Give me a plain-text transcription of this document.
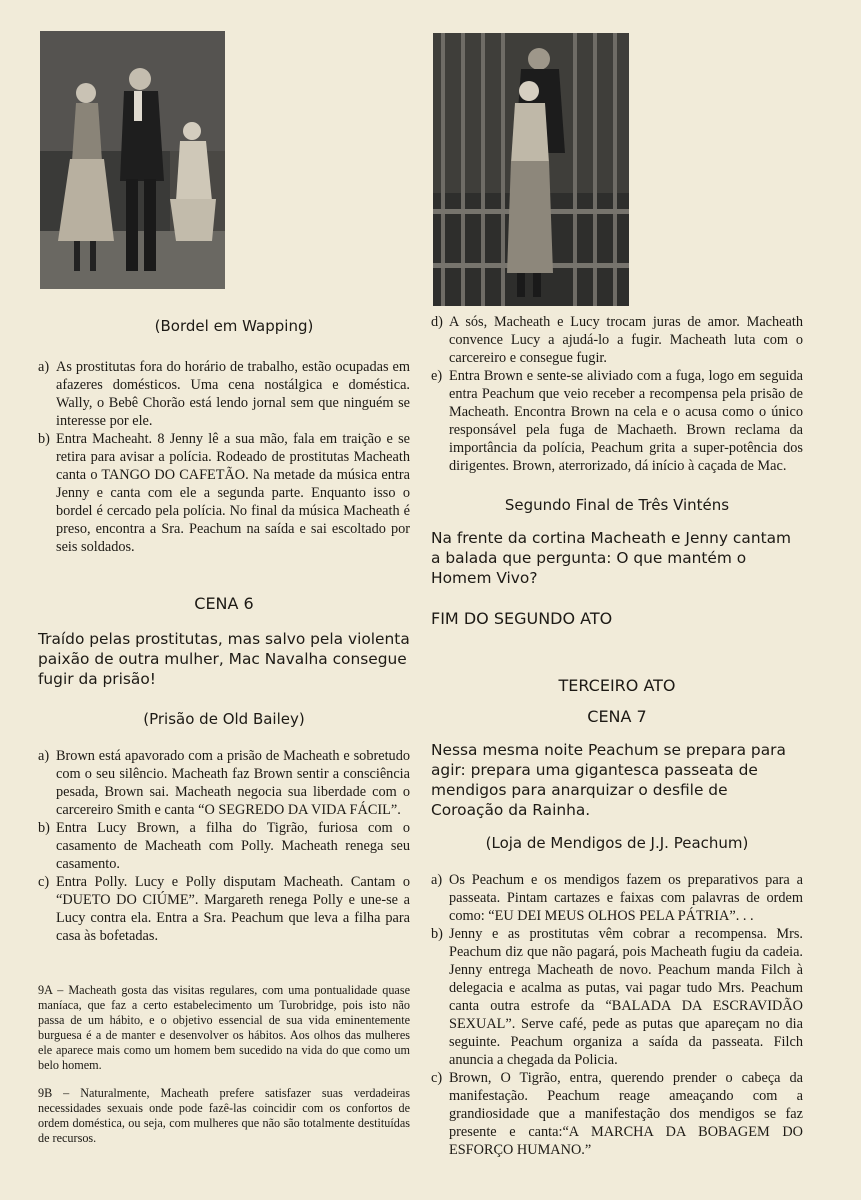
(Bordel em Wapping)
a) As prostitutas fora do horário de trabalho, estão ocupadas em afazeres domésticos. Uma cena nostálgica e doméstica. Wally, o Bebê Chorão está lendo jornal sem que ninguém se interesse por ele.
b) Entra Macheaht. 8 Jenny lê a sua mão, fala em traição e se retira para avisar a polícia. Rodeado de prostitutas Macheath canta o TANGO DO CAFETÃO. Na metade da música entra Jenny e canta com ele a segunda parte. Enquanto isso o bordel é cercado pela polícia. No final da música Macheath é preso, encontra a Sra. Peachum na saída e sai escoltado por seis soldados.
CENA 6
Traído pelas prostitutas, mas salvo pela violenta paixão de outra mulher, Mac Navalha consegue fugir da prisão!
(Prisão de Old Bailey)
a) Brown está apavorado com a prisão de Macheath e sobretudo com o seu silêncio. Macheath faz Brown sentir a consciência pesada, Brown sai. Macheath negocia sua liberdade com o carcereiro Smith e canta “O SEGREDO DA VIDA FÁCIL”.
b) Entra Lucy Brown, a filha do Tigrão, furiosa com o casamento de Macheath com Polly. Macheath renega seu casamento.
c) Entra Polly. Lucy e Polly disputam Macheath. Cantam o “DUETO DO CIÚME”. Margareth renega Polly e une-se a Lucy contra ela. Entra a Sra. Peachum que leva a filha para casa às bofetadas.
9A – Macheath gosta das visitas regulares, com uma pontualidade quase maníaca, que faz a certo estabelecimento um Turobridge, pois isto não passa de um hábito, e o objetivo essencial de sua vida eminentemente burguesa é a de manter e desenvolver os hábitos. Aos olhos das mulheres ele aparece mais como um homem bem sucedido na vida do que como um belo homem.
9B – Naturalmente, Macheath prefere satisfazer suas verdadeiras necessidades sexuais onde pode fazê-las coincidir com os confortos de ordem doméstica, ou seja, com mulheres que não são totalmente destituídas de recursos.
d) A sós, Macheath e Lucy trocam juras de amor. Macheath convence Lucy a ajudá-lo a fugir. Macheath luta com o carcereiro e consegue fugir.
e) Entra Brown e sente-se aliviado com a fuga, logo em seguida entra Peachum que veio receber a recompensa pela prisão de Macheath. Encontra Brown na cela e o acusa como o único responsável pela fuga de Machaeth. Brown reclama da importância da polícia, Peachum grita a super-potência dos dirigentes. Brown, aterrorizado, dá início à caçada de Mac.
Segundo Final de Três Vinténs
Na frente da cortina Macheath e Jenny cantam a balada que pergunta: O que mantém o Homem Vivo?
FIM DO SEGUNDO ATO
TERCEIRO ATO
CENA 7
Nessa mesma noite Peachum se prepara para agir: prepara uma gigantesca passeata de mendigos para anarquizar o desfile de Coroação da Rainha.
(Loja de Mendigos de J.J. Peachum)
a) Os Peachum e os mendigos fazem os preparativos para a passeata. Pintam cartazes e faixas com palavras de ordem como: “EU DEI MEUS OLHOS PELA PÁTRIA”. . .
b) Jenny e as prostitutas vêm cobrar a recompensa. Mrs. Peachum diz que não pagará, pois Macheath fugiu da cadeia. Jenny entrega Macheath de novo. Peachum manda Filch à delegacia e acalma as putas, vai pagar tudo Mrs. Peachum canta outra estrofe da “BALADA DA ESCRAVIDÃO SEXUAL”. Serve café, pede as putas que apareçam no dia seguinte. Peachum organiza a saída da passeata. Filch anuncia a chegada da Policia.
c) Brown, O Tigrão, entra, querendo prender o cabeça da manifestação. Peachum reage ameaçando com a grandiosidade que a manifestação dos mendigos se faz presente e canta:“A MARCHA DA BOBAGEM DO ESFORÇO HUMANO.”
